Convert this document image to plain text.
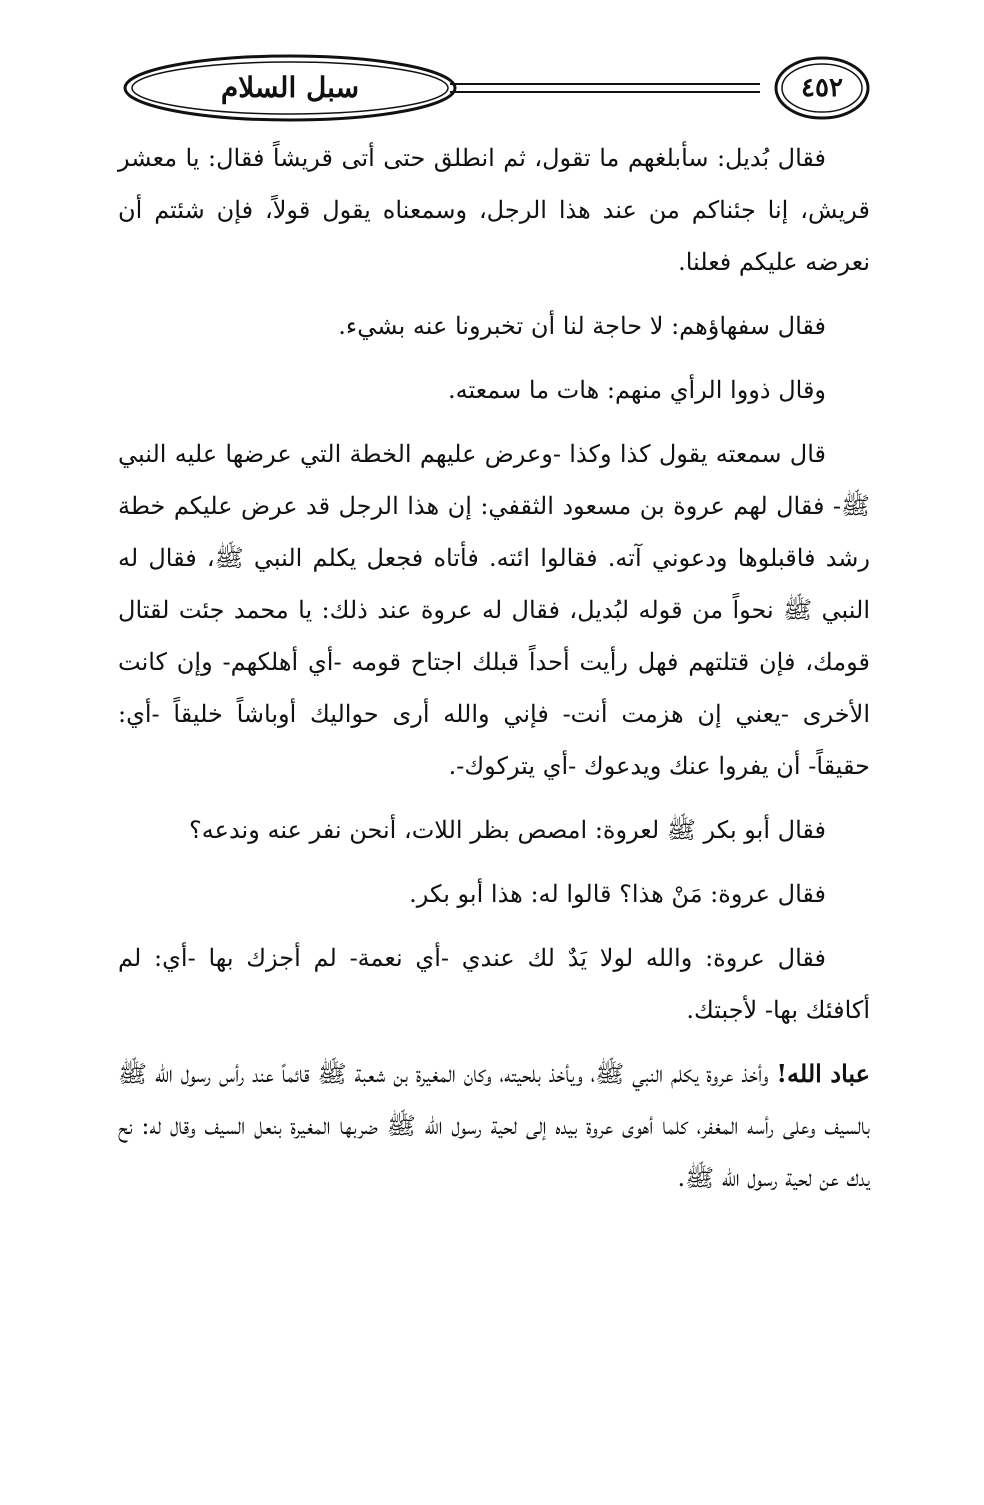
سبل السلام	٤٥٢

فقال بُديل: سأبلغهم ما تقول، ثم انطلق حتى أتى قريشاً فقال: يا معشر قريش، إنا جئناكم من عند هذا الرجل، وسمعناه يقول قولاً، فإن شئتم أن نعرضه عليكم فعلنا.

فقال سفهاؤهم: لا حاجة لنا أن تخبرونا عنه بشيء.

وقال ذووا الرأي منهم: هات ما سمعته.

قال سمعته يقول كذا وكذا -وعرض عليهم الخطة التي عرضها عليه النبي ﷺ- فقال لهم عروة بن مسعود الثقفي: إن هذا الرجل قد عرض عليكم خطة رشد فاقبلوها ودعوني آته. فقالوا ائته. فأتاه فجعل يكلم النبي ﷺ، فقال له النبي ﷺ نحواً من قوله لبُديل، فقال له عروة عند ذلك: يا محمد جئت لقتال قومك، فإن قتلتهم فهل رأيت أحداً قبلك اجتاح قومه -أي أهلكهم- وإن كانت الأخرى -يعني إن هزمت أنت- فإني والله أرى حواليك أوباشاً خليقاً -أي: حقيقاً- أن يفروا عنك ويدعوك -أي يتركوك-.

فقال أبو بكر ﷺ لعروة: امصص بظر اللات، أنحن نفر عنه وندعه؟

فقال عروة: مَنْ هذا؟ قالوا له: هذا أبو بكر.

فقال عروة: والله لولا يَدٌ لك عندي -أي نعمة- لم أجزك بها -أي: لم أكافئك بها- لأجبتك.

عباد الله! وأخذ عروة يكلم النبي ﷺ، ويأخذ بلحيته، وكان المغيرة بن شعبة ﷺ قائماً عند رأس رسول الله ﷺ بالسيف وعلى رأسه المغفر، كلما أهوى عروة بيده إلى لحية رسول الله ﷺ ضربها المغيرة بنعل السيف وقال له: نح يدك عن لحية رسول الله ﷺ.
